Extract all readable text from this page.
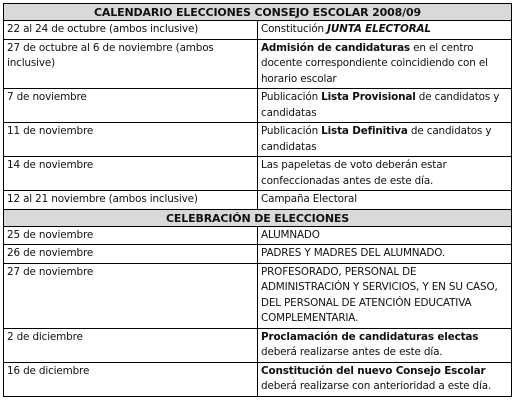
CALENDARIO ELECCIONES CONSEJO ESCOLAR 2008/09	
22 al 24 de octubre (ambos inclusive)	Constitución JUNTA ELECTORAL
27 de octubre al 6 de noviembre (ambos inclusive)	Admisión de candidaturas en el centro docente correspondiente coincidiendo con el horario escolar
7 de noviembre	Publicación Lista Provisional de candidatos y candidatas
11 de noviembre	Publicación Lista Definitiva de candidatos y candidatas
14 de noviembre	Las papeletas de voto deberán estar confeccionadas antes de este día.
12 al 21 noviembre (ambos inclusive)	Campaña Electoral
CELEBRACIÓN DE ELECCIONES	
25 de noviembre	ALUMNADO
26 de noviembre	PADRES Y MADRES DEL ALUMNADO.
27 de noviembre	PROFESORADO, PERSONAL DE ADMINISTRACIÓN Y SERVICIOS, Y EN SU CASO, DEL PERSONAL DE ATENCIÓN EDUCATIVA COMPLEMENTARIA.
2 de diciembre	Proclamación de candidaturas electas deberá realizarse antes de este día.
16 de diciembre	Constitución del nuevo Consejo Escolar deberá realizarse con anterioridad a este día.
